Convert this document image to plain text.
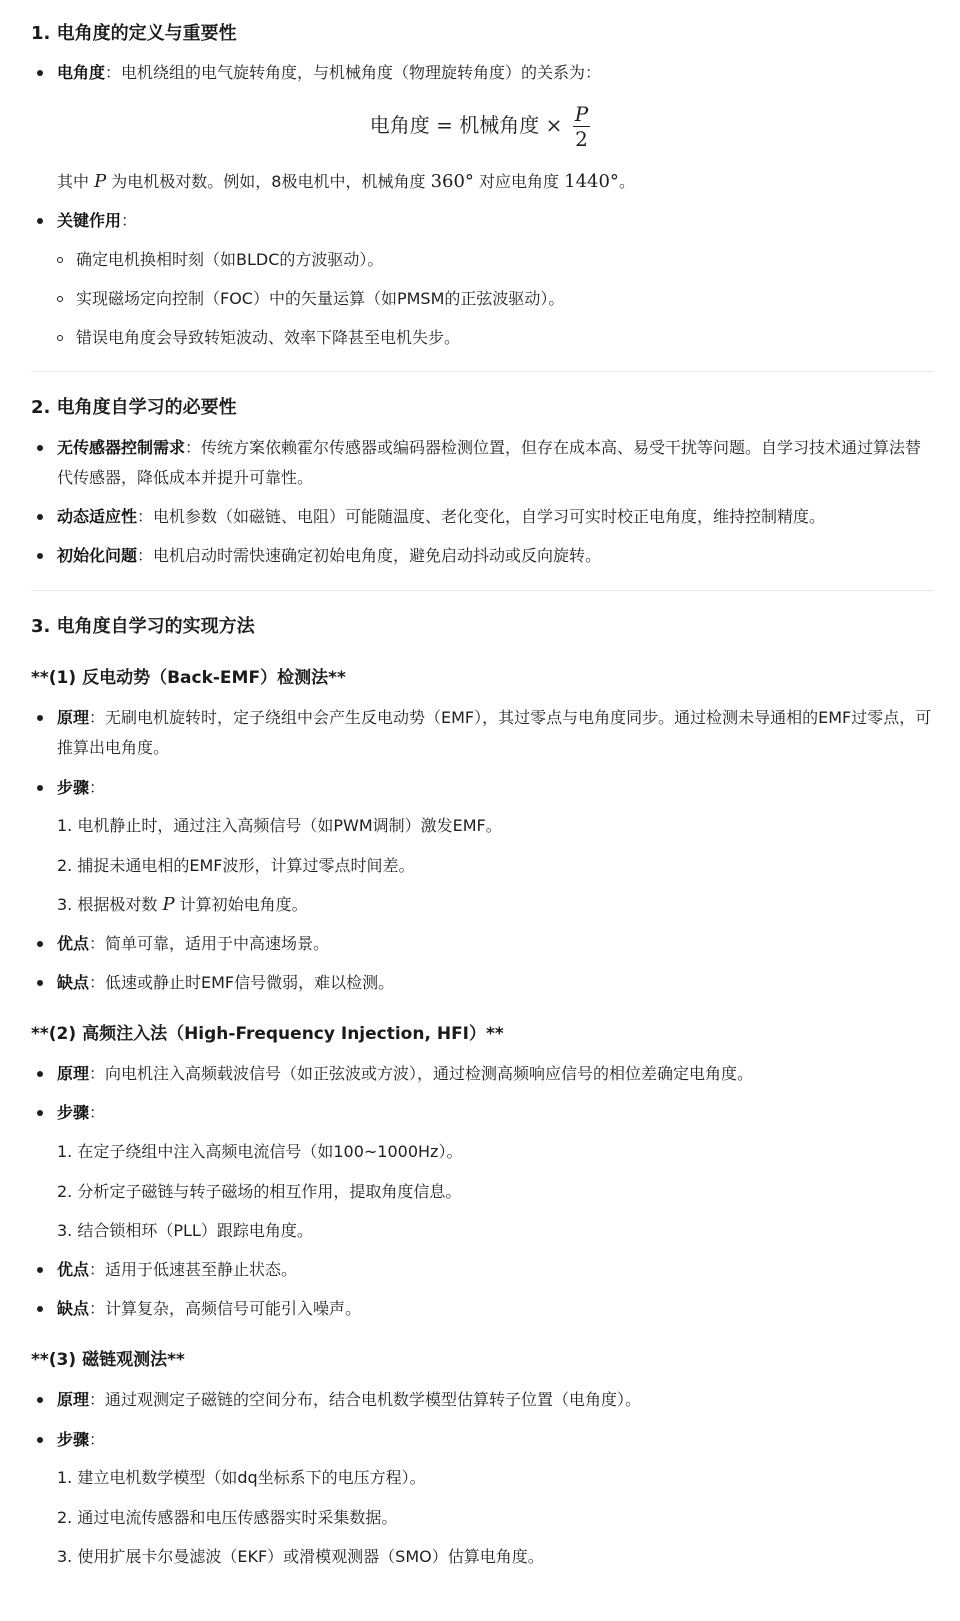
1. 电角度的定义与重要性

电角度：电机绕组的电气旋转角度，与机械角度（物理旋转角度）的关系为：

电角度 = 机械角度 × $\frac{P}{2}$

其中 P 为电机极对数。例如，8极电机中，机械角度 360° 对应电角度 1440°。

关键作用：

确定电机换相时刻（如BLDC的方波驱动）。

实现磁场定向控制（FOC）中的矢量运算（如PMSM的正弦波驱动）。

错误电角度会导致转矩波动、效率下降甚至电机失步。

2. 电角度自学习的必要性

无传感器控制需求：传统方案依赖霍尔传感器或编码器检测位置，但存在成本高、易受干扰等问题。自学习技术通过算法替代传感器，降低成本并提升可靠性。

动态适应性：电机参数（如磁链、电阻）可能随温度、老化变化，自学习可实时校正电角度，维持控制精度。

初始化问题：电机启动时需快速确定初始电角度，避免启动抖动或反向旋转。

3. 电角度自学习的实现方法
**(1) 反电动势（Back-EMF）检测法**

原理：无刷电机旋转时，定子绕组中会产生反电动势（EMF），其过零点与电角度同步。通过检测未导通相的EMF过零点，可推算出电角度。

步骤：

1. 电机静止时，通过注入高频信号（如PWM调制）激发EMF。

2. 捕捉未通电相的EMF波形，计算过零点时间差。

3. 根据极对数 P 计算初始电角度。

优点：简单可靠，适用于中高速场景。

缺点：低速或静止时EMF信号微弱，难以检测。

**(2) 高频注入法（High-Frequency Injection, HFI）**

原理：向电机注入高频载波信号（如正弦波或方波），通过检测高频响应信号的相位差确定电角度。

步骤：

1. 在定子绕组中注入高频电流信号（如100~1000Hz）。

2. 分析定子磁链与转子磁场的相互作用，提取角度信息。

3. 结合锁相环（PLL）跟踪电角度。

优点：适用于低速甚至静止状态。

缺点：计算复杂，高频信号可能引入噪声。

**(3) 磁链观测法**

原理：通过观测定子磁链的空间分布，结合电机数学模型估算转子位置（电角度）。

步骤：

1. 建立电机数学模型（如dq坐标系下的电压方程）。

2. 通过电流传感器和电压传感器实时采集数据。

3. 使用扩展卡尔曼滤波（EKF）或滑模观测器（SMO）估算电角度。
